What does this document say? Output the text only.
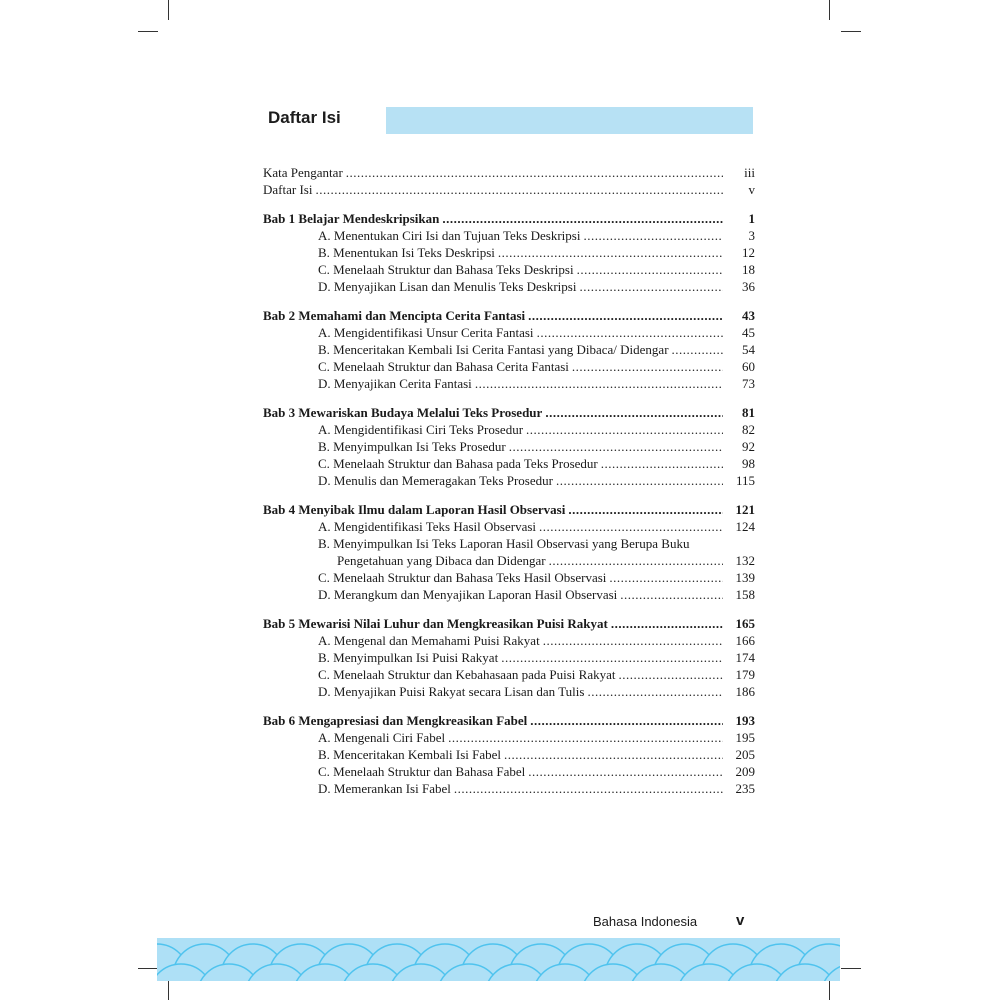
Daftar Isi
Kata Pengantar .....	iii
Daftar Isi .....	v
Bab 1 Belajar Mendeskripsikan .....	1
A. Menentukan Ciri Isi dan Tujuan Teks Deskripsi .....	3
B. Menentukan Isi Teks Deskripsi .....	12
C. Menelaah Struktur dan Bahasa Teks Deskripsi .....	18
D. Menyajikan Lisan dan Menulis Teks Deskripsi .....	36
Bab 2 Memahami dan Mencipta Cerita Fantasi .....	43
A. Mengidentifikasi Unsur Cerita Fantasi .....	45
B. Menceritakan Kembali Isi Cerita Fantasi yang Dibaca/ Didengar .....	54
C. Menelaah Struktur dan Bahasa Cerita Fantasi .....	60
D. Menyajikan Cerita Fantasi .....	73
Bab 3 Mewariskan Budaya Melalui Teks Prosedur .....	81
A. Mengidentifikasi Ciri Teks Prosedur .....	82
B. Menyimpulkan Isi Teks Prosedur .....	92
C. Menelaah Struktur dan Bahasa pada Teks Prosedur .....	98
D. Menulis dan Memeragakan Teks Prosedur .....	115
Bab 4 Menyibak Ilmu dalam Laporan Hasil Observasi .....	121
A. Mengidentifikasi Teks Hasil Observasi .....	124
B. Menyimpulkan Isi Teks Laporan Hasil Observasi yang Berupa Buku
Pengetahuan yang Dibaca dan Didengar .....	132
C. Menelaah Struktur dan Bahasa Teks Hasil Observasi .....	139
D. Merangkum dan Menyajikan Laporan Hasil Observasi .....	158
Bab 5 Mewarisi Nilai Luhur dan Mengkreasikan Puisi Rakyat .....	165
A. Mengenal dan Memahami Puisi Rakyat .....	166
B. Menyimpulkan Isi Puisi Rakyat .....	174
C. Menelaah Struktur dan Kebahasaan pada Puisi Rakyat .....	179
D. Menyajikan Puisi Rakyat secara Lisan dan Tulis .....	186
Bab 6 Mengapresiasi dan Mengkreasikan Fabel .....	193
A. Mengenali Ciri Fabel .....	195
B. Menceritakan Kembali Isi Fabel .....	205
C. Menelaah Struktur dan Bahasa Fabel .....	209
D. Memerankan Isi Fabel .....	235
Bahasa Indonesia	v
